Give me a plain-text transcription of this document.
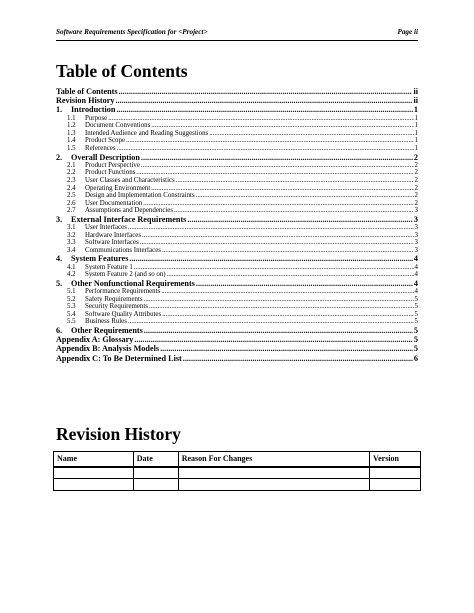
Software Requirements Specification for <Project>	Page ii
Table of Contents
Table of Contents .....	ii
Revision History .....	ii
1.	Introduction .....	1
1.1	Purpose .....	1
1.2	Document Conventions .....	1
1.3	Intended Audience and Reading Suggestions .....	1
1.4	Product Scope .....	1
1.5	References .....	1
2.	Overall Description .....	2
2.1	Product Perspective .....	2
2.2	Product Functions .....	2
2.3	User Classes and Characteristics .....	2
2.4	Operating Environment .....	2
2.5	Design and Implementation Constraints .....	2
2.6	User Documentation .....	2
2.7	Assumptions and Dependencies .....	3
3.	External Interface Requirements .....	3
3.1	User Interfaces .....	3
3.2	Hardware Interfaces .....	3
3.3	Software Interfaces .....	3
3.4	Communications Interfaces .....	3
4.	System Features .....	4
4.1	System Feature 1 .....	4
4.2	System Feature 2 (and so on) .....	4
5.	Other Nonfunctional Requirements .....	4
5.1	Performance Requirements .....	4
5.2	Safety Requirements .....	5
5.3	Security Requirements .....	5
5.4	Software Quality Attributes .....	5
5.5	Business Rules .....	5
6.	Other Requirements .....	5
Appendix A: Glossary .....	5
Appendix B: Analysis Models .....	5
Appendix C: To Be Determined List .....	6
Revision History
Name	Date	Reason For Changes	Version
